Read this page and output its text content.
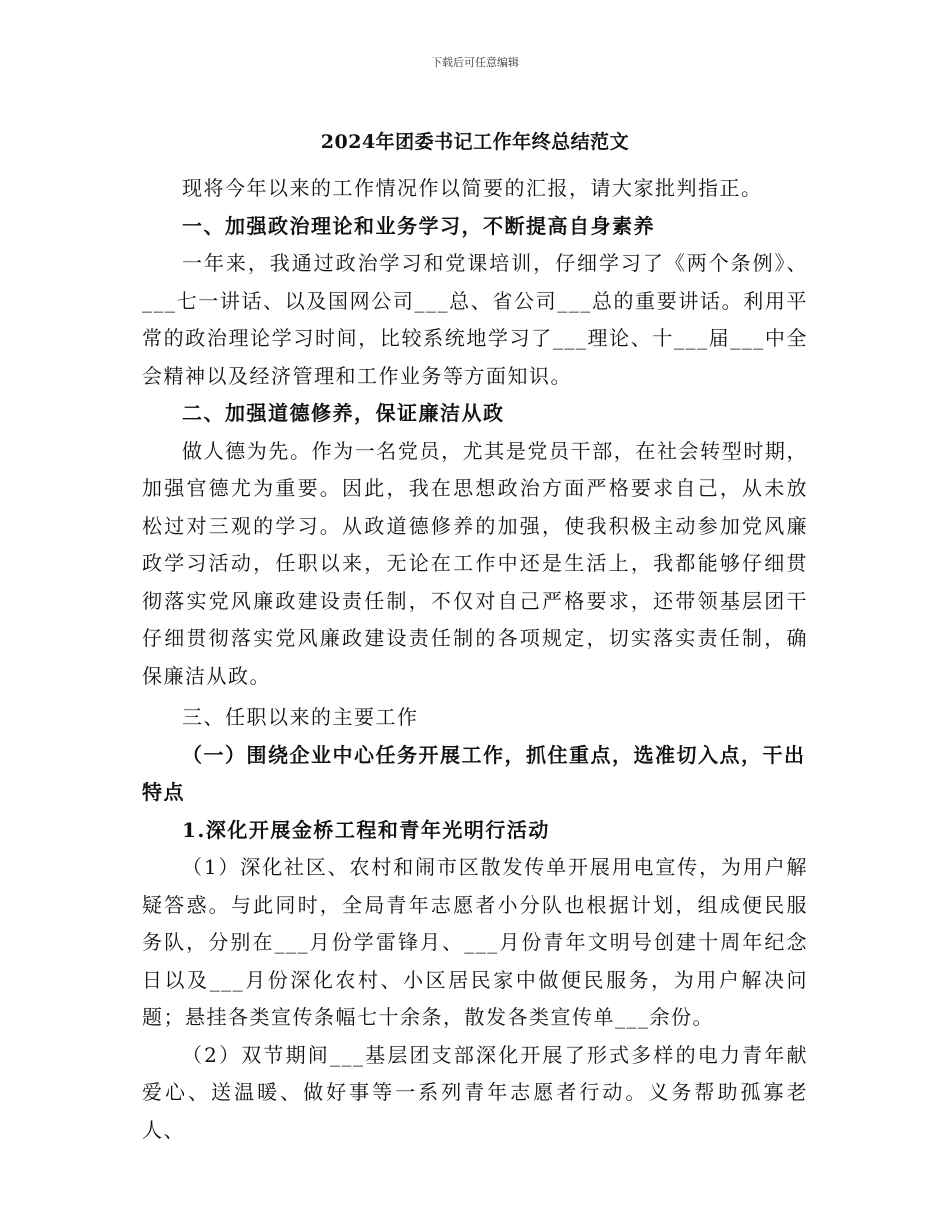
下载后可任意编辑
2024年团委书记工作年终总结范文

现将今年以来的工作情况作以简要的汇报，请大家批判指正。

一、加强政治理论和业务学习，不断提高自身素养

一年来，我通过政治学习和党课培训，仔细学习了《两个条例》、___七一讲话、以及国网公司___总、省公司___总的重要讲话。利用平常的政治理论学习时间，比较系统地学习了___理论、十___届___中全会精神以及经济管理和工作业务等方面知识。

二、加强道德修养，保证廉洁从政

做人德为先。作为一名党员，尤其是党员干部，在社会转型时期，加强官德尤为重要。因此，我在思想政治方面严格要求自己，从未放松过对三观的学习。从政道德修养的加强，使我积极主动参加党风廉政学习活动，任职以来，无论在工作中还是生活上，我都能够仔细贯彻落实党风廉政建设责任制，不仅对自己严格要求，还带领基层团干仔细贯彻落实党风廉政建设责任制的各项规定，切实落实责任制，确保廉洁从政。

三、任职以来的主要工作

（一）围绕企业中心任务开展工作，抓住重点，选准切入点，干出特点

1.深化开展金桥工程和青年光明行活动

（1）深化社区、农村和闹市区散发传单开展用电宣传，为用户解疑答惑。与此同时，全局青年志愿者小分队也根据计划，组成便民服务队，分别在___月份学雷锋月、___月份青年文明号创建十周年纪念日以及___月份深化农村、小区居民家中做便民服务，为用户解决问题；悬挂各类宣传条幅七十余条，散发各类宣传单___余份。

（2）双节期间___基层团支部深化开展了形式多样的电力青年献爱心、送温暖、做好事等一系列青年志愿者行动。义务帮助孤寡老人、
